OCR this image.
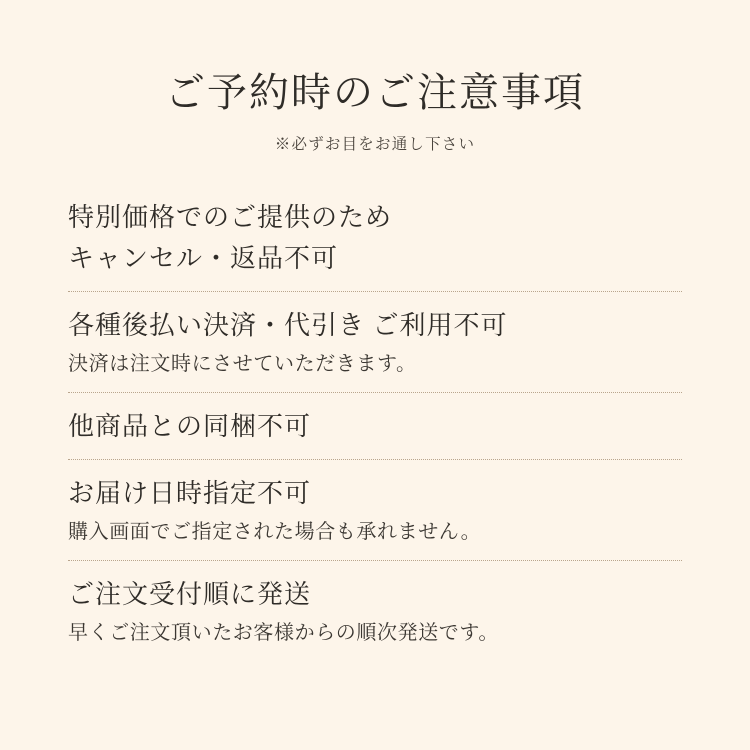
ご予約時のご注意事項
※必ずお目をお通し下さい
特別価格でのご提供のため
キャンセル・返品不可
各種後払い決済・代引き ご利用不可
決済は注文時にさせていただきます。
他商品との同梱不可
お届け日時指定不可
購入画面でご指定された場合も承れません。
ご注文受付順に発送
早くご注文頂いたお客様からの順次発送です。
